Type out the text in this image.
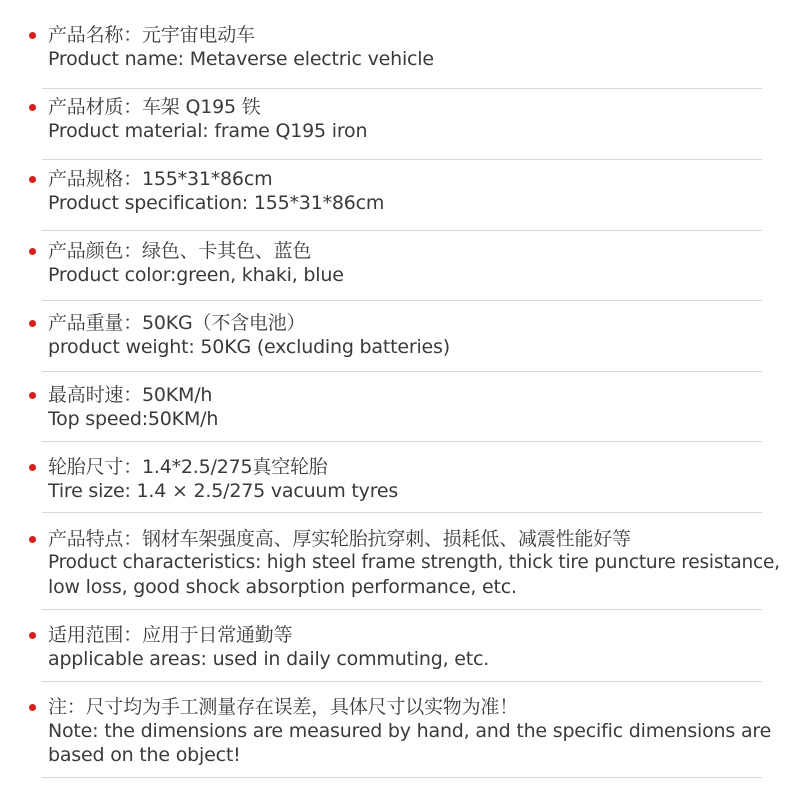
产品名称：元宇宙电动车
Product name: Metaverse electric vehicle
产品材质：车架 Q195 铁
Product material: frame Q195 iron
产品规格：155*31*86cm
Product specification: 155*31*86cm
产品颜色：绿色、卡其色、蓝色
Product color:green, khaki, blue
产品重量：50KG（不含电池）
product weight: 50KG (excluding batteries)
最高时速：50KM/h
Top speed:50KM/h
轮胎尺寸：1.4*2.5/275真空轮胎
Tire size: 1.4 × 2.5/275 vacuum tyres
产品特点：钢材车架强度高、厚实轮胎抗穿刺、损耗低、减震性能好等
Product characteristics: high steel frame strength, thick tire puncture resistance,
low loss, good shock absorption performance, etc.
适用范围：应用于日常通勤等
applicable areas: used in daily commuting, etc.
注：尺寸均为手工测量存在误差，具体尺寸以实物为准！
Note: the dimensions are measured by hand, and the specific dimensions are
based on the object!
